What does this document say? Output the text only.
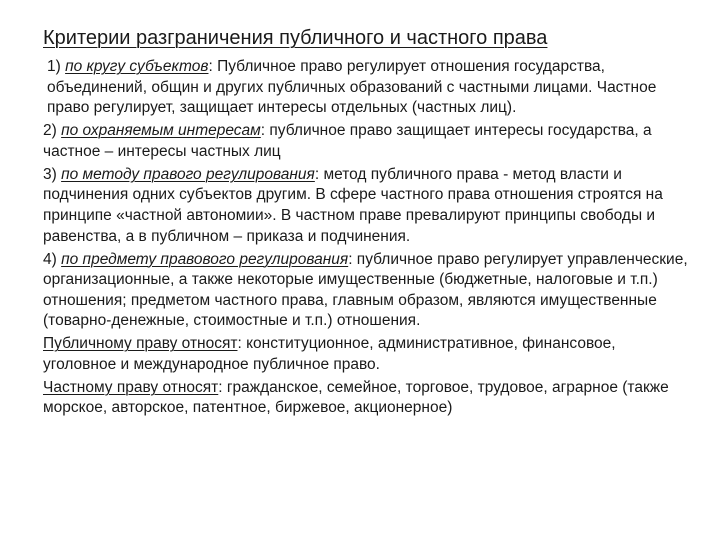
Критерии разграничения публичного и частного права

1) по кругу субъектов: Публичное право регулирует отношения государства, объединений, общин и других публичных образований с частными лицами. Частное право регулирует, защищает интересы отдельных (частных лиц).

2) по охраняемым интересам: публичное право защищает интересы государства, а частное – интересы частных лиц

3) по методу правого регулирования: метод публичного права - метод власти и подчинения одних субъектов другим. В сфере частного права отношения строятся на принципе «частной автономии». В частном праве превалируют принципы свободы и равенства, а в публичном – приказа и подчинения.

4) по предмету правового регулирования: публичное право регулирует управленческие, организационные, а также некоторые имущественные (бюджетные, налоговые и т.п.) отношения; предметом частного права, главным образом, являются имущественные (товарно-денежные, стоимостные и т.п.) отношения.

Публичному праву относят: конституционное, административное, финансовое, уголовное и международное публичное право.

Частному праву относят: гражданское, семейное, торговое, трудовое, аграрное (также морское, авторское, патентное, биржевое, акционерное)
